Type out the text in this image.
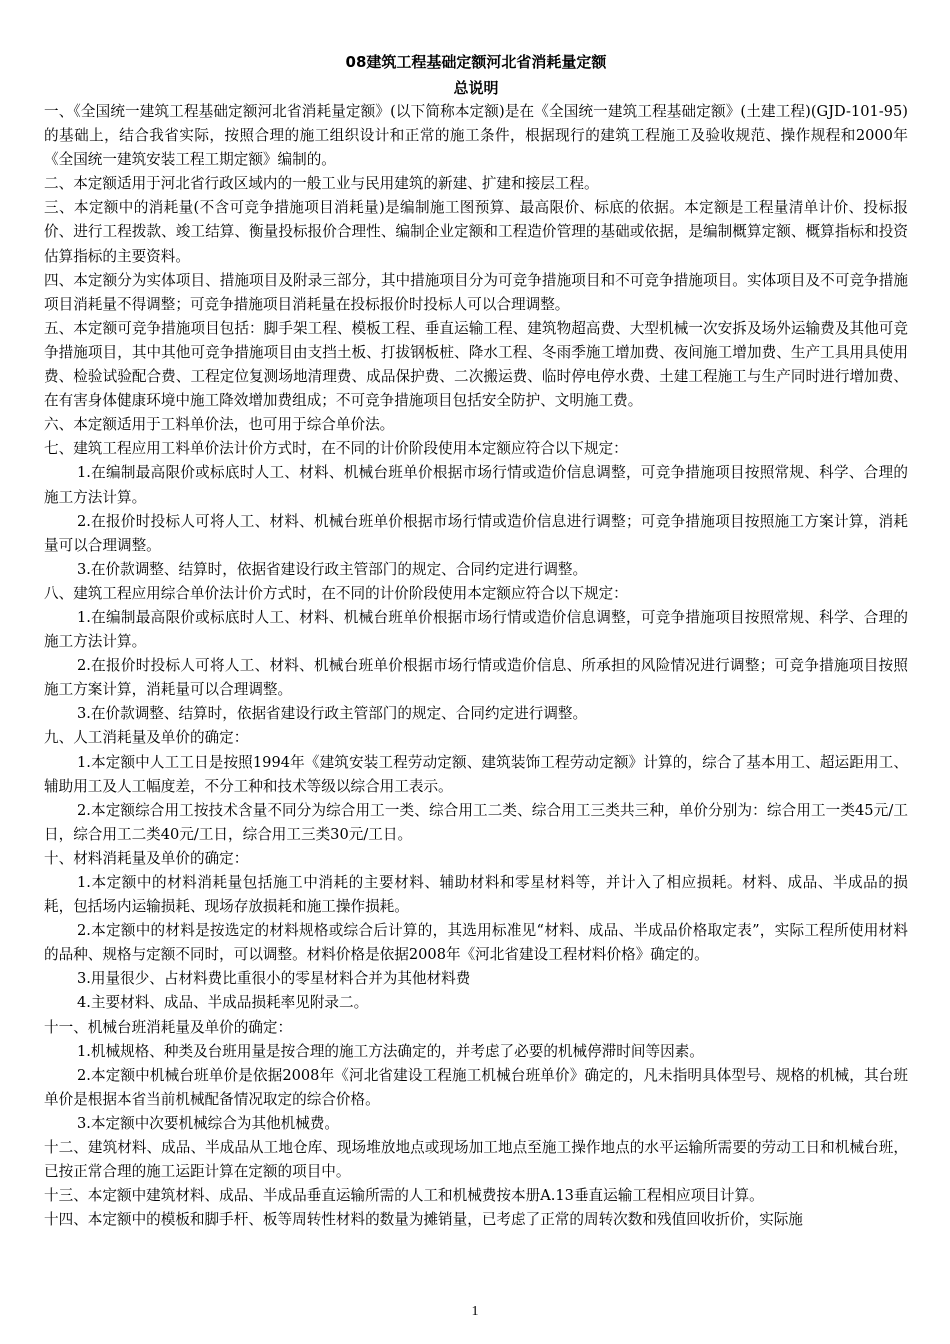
08建筑工程基础定额河北省消耗量定额
总说明

一、《全国统一建筑工程基础定额河北省消耗量定额》(以下简称本定额)是在《全国统一建筑工程基础定额》(土建工程)(GJD-101-95)的基础上，结合我省实际，按照合理的施工组织设计和正常的施工条件，根据现行的建筑工程施工及验收规范、操作规程和2000年《全国统一建筑安装工程工期定额》编制的。

二、本定额适用于河北省行政区域内的一般工业与民用建筑的新建、扩建和接层工程。

三、本定额中的消耗量(不含可竞争措施项目消耗量)是编制施工图预算、最高限价、标底的依据。本定额是工程量清单计价、投标报价、进行工程拨款、竣工结算、衡量投标报价合理性、编制企业定额和工程造价管理的基础或依据，是编制概算定额、概算指标和投资估算指标的主要资料。

四、本定额分为实体项目、措施项目及附录三部分，其中措施项目分为可竞争措施项目和不可竞争措施项目。实体项目及不可竞争措施项目消耗量不得调整；可竞争措施项目消耗量在投标报价时投标人可以合理调整。

五、本定额可竞争措施项目包括：脚手架工程、模板工程、垂直运输工程、建筑物超高费、大型机械一次安拆及场外运输费及其他可竞争措施项目，其中其他可竞争措施项目由支挡土板、打拔钢板桩、降水工程、冬雨季施工增加费、夜间施工增加费、生产工具用具使用费、检验试验配合费、工程定位复测场地清理费、成品保护费、二次搬运费、临时停电停水费、土建工程施工与生产同时进行增加费、在有害身体健康环境中施工降效增加费组成；不可竞争措施项目包括安全防护、文明施工费。

六、本定额适用于工料单价法，也可用于综合单价法。

七、建筑工程应用工料单价法计价方式时，在不同的计价阶段使用本定额应符合以下规定：

1.在编制最高限价或标底时人工、材料、机械台班单价根据市场行情或造价信息调整，可竞争措施项目按照常规、科学、合理的施工方法计算。

2.在报价时投标人可将人工、材料、机械台班单价根据市场行情或造价信息进行调整；可竞争措施项目按照施工方案计算，消耗量可以合理调整。

3.在价款调整、结算时，依据省建设行政主管部门的规定、合同约定进行调整。

八、建筑工程应用综合单价法计价方式时，在不同的计价阶段使用本定额应符合以下规定：

1.在编制最高限价或标底时人工、材料、机械台班单价根据市场行情或造价信息调整，可竞争措施项目按照常规、科学、合理的施工方法计算。

2.在报价时投标人可将人工、材料、机械台班单价根据市场行情或造价信息、所承担的风险情况进行调整；可竞争措施项目按照施工方案计算，消耗量可以合理调整。

3.在价款调整、结算时，依据省建设行政主管部门的规定、合同约定进行调整。

九、人工消耗量及单价的确定：

1.本定额中人工工日是按照1994年《建筑安装工程劳动定额、建筑装饰工程劳动定额》计算的，综合了基本用工、超运距用工、辅助用工及人工幅度差，不分工种和技术等级以综合用工表示。

2.本定额综合用工按技术含量不同分为综合用工一类、综合用工二类、综合用工三类共三种，单价分别为：综合用工一类45元/工日，综合用工二类40元/工日，综合用工三类30元/工日。

十、材料消耗量及单价的确定：

1.本定额中的材料消耗量包括施工中消耗的主要材料、辅助材料和零星材料等，并计入了相应损耗。材料、成品、半成品的损耗，包括场内运输损耗、现场存放损耗和施工操作损耗。

2.本定额中的材料是按选定的材料规格或综合后计算的，其选用标准见“材料、成品、半成品价格取定表”，实际工程所使用材料的品种、规格与定额不同时，可以调整。材料价格是依据2008年《河北省建设工程材料价格》确定的。

3.用量很少、占材料费比重很小的零星材料合并为其他材料费

4.主要材料、成品、半成品损耗率见附录二。

十一、机械台班消耗量及单价的确定：

1.机械规格、种类及台班用量是按合理的施工方法确定的，并考虑了必要的机械停滞时间等因素。

2.本定额中机械台班单价是依据2008年《河北省建设工程施工机械台班单价》确定的，凡未指明具体型号、规格的机械，其台班单价是根据本省当前机械配备情况取定的综合价格。

3.本定额中次要机械综合为其他机械费。

十二、建筑材料、成品、半成品从工地仓库、现场堆放地点或现场加工地点至施工操作地点的水平运输所需要的劳动工日和机械台班，已按正常合理的施工运距计算在定额的项目中。

十三、本定额中建筑材料、成品、半成品垂直运输所需的人工和机械费按本册A.13垂直运输工程相应项目计算。

十四、本定额中的模板和脚手杆、板等周转性材料的数量为摊销量，已考虑了正常的周转次数和残值回收折价，实际施

1
